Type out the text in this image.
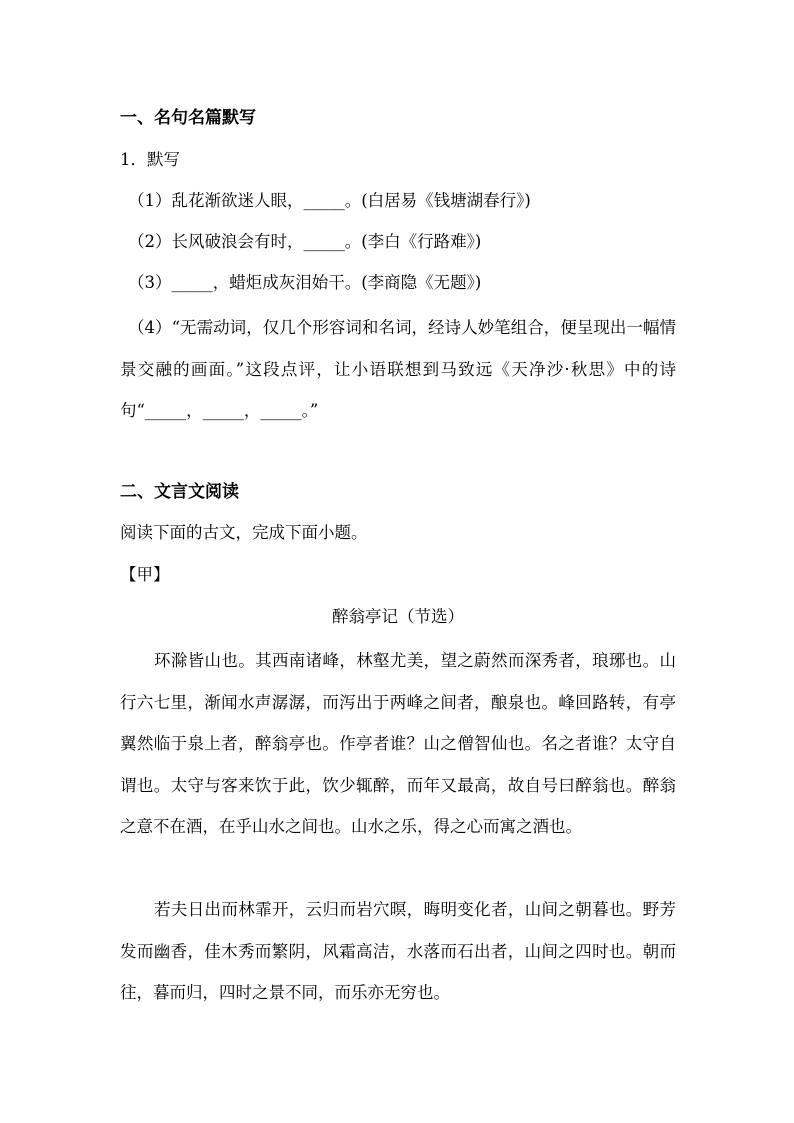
一、名句名篇默写
1．默写
（1）乱花渐欲迷人眼，_____。(白居易《钱塘湖春行》)
（2）长风破浪会有时，_____。(李白《行路难》)
（3）_____，蜡炬成灰泪始干。(李商隐《无题》)
（4）“无需动词，仅几个形容词和名词，经诗人妙笔组合，便呈现出一幅情景交融的画面。”这段点评，让小语联想到马致远《天净沙·秋思》中的诗句“_____，_____，_____。”
二、文言文阅读
阅读下面的古文，完成下面小题。
【甲】
醉翁亭记（节选）
环滁皆山也。其西南诸峰，林壑尤美，望之蔚然而深秀者，琅琊也。山行六七里，渐闻水声潺潺，而泻出于两峰之间者，酿泉也。峰回路转，有亭翼然临于泉上者，醉翁亭也。作亭者谁？山之僧智仙也。名之者谁？太守自谓也。太守与客来饮于此，饮少辄醉，而年又最高，故自号曰醉翁也。醉翁之意不在酒，在乎山水之间也。山水之乐，得之心而寓之酒也。
若夫日出而林霏开，云归而岩穴暝，晦明变化者，山间之朝暮也。野芳发而幽香，佳木秀而繁阴，风霜高洁，水落而石出者，山间之四时也。朝而往，暮而归，四时之景不同，而乐亦无穷也。
